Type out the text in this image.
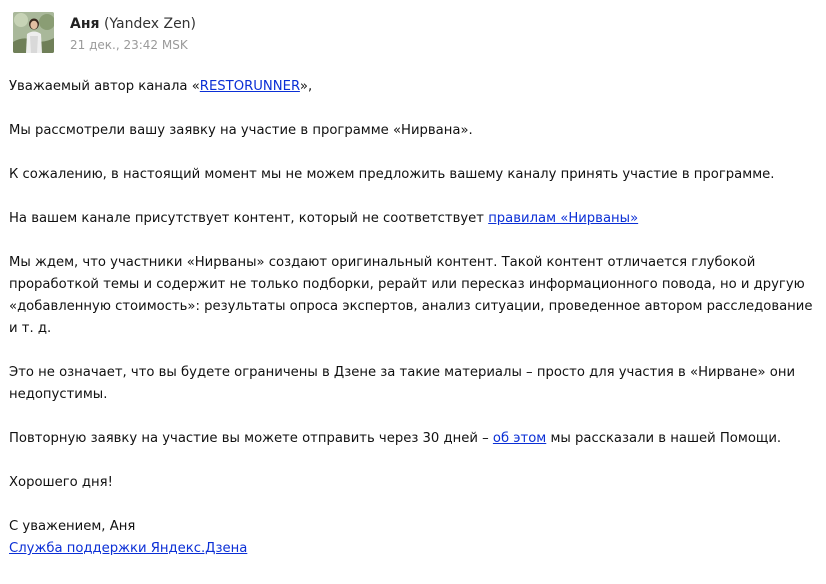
Аня (Yandex Zen)
21 дек., 23:42 MSK

Уважаемый автор канала «RESTORUNNER»,

Мы рассмотрели вашу заявку на участие в программе «Нирвана».

К сожалению, в настоящий момент мы не можем предложить вашему каналу принять участие в программе.

На вашем канале присутствует контент, который не соответствует правилам «Нирваны»

Мы ждем, что участники «Нирваны» создают оригинальный контент. Такой контент отличается глубокой проработкой темы и содержит не только подборки, рерайт или пересказ информационного повода, но и другую «добавленную стоимость»: результаты опроса экспертов, анализ ситуации, проведенное автором расследование и т. д.

Это не означает, что вы будете ограничены в Дзене за такие материалы – просто для участия в «Нирване» они недопустимы.

Повторную заявку на участие вы можете отправить через 30 дней – об этом мы рассказали в нашей Помощи.

Хорошего дня!

С уважением, Аня

Служба поддержки Яндекс.Дзена
